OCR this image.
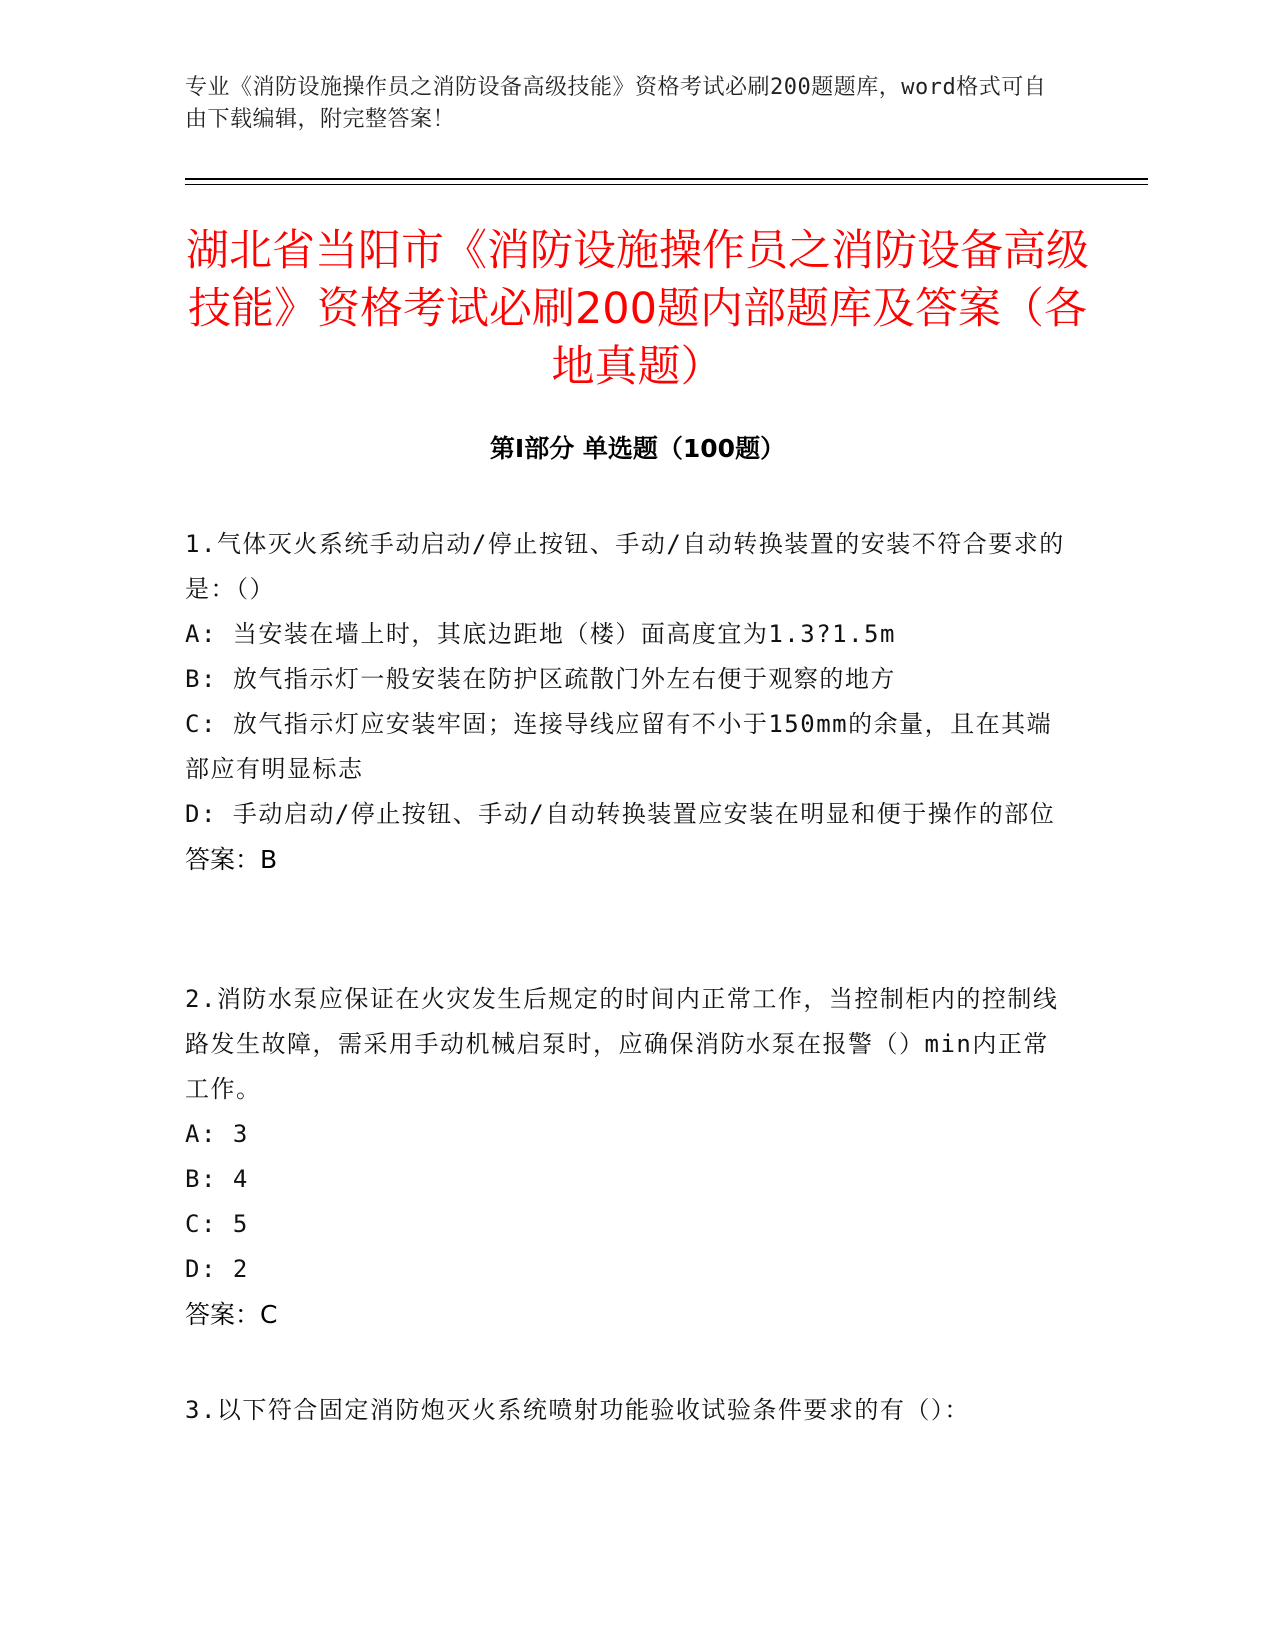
专业《消防设施操作员之消防设备高级技能》资格考试必刷200题题库，word格式可自由下载编辑，附完整答案！
湖北省当阳市《消防设施操作员之消防设备高级技能》资格考试必刷200题内部题库及答案（各地真题）
第I部分 单选题（100题）

1.气体灭火系统手动启动/停止按钮、手动/自动转换装置的安装不符合要求的是：（）

A: 当安装在墙上时，其底边距地（楼）面高度宜为1.3?1.5m

B: 放气指示灯一般安装在防护区疏散门外左右便于观察的地方

C: 放气指示灯应安装牢固；连接导线应留有不小于150mm的余量，且在其端部应有明显标志

D: 手动启动/停止按钮、手动/自动转换装置应安装在明显和便于操作的部位

答案：B

2.消防水泵应保证在火灾发生后规定的时间内正常工作，当控制柜内的控制线路发生故障，需采用手动机械启泵时，应确保消防水泵在报警（）min内正常工作。

A: 3

B: 4

C: 5

D: 2

答案：C

3.以下符合固定消防炮灭火系统喷射功能验收试验条件要求的有（）：
